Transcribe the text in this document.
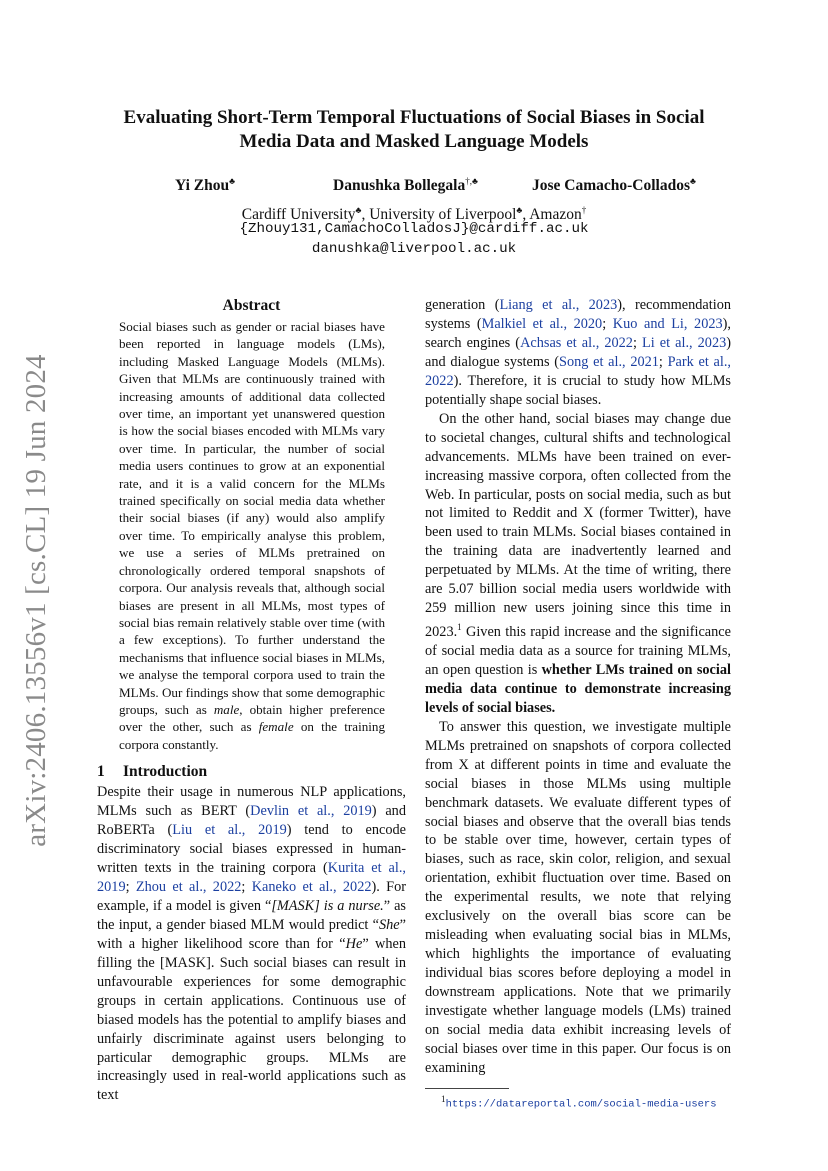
arXiv:2406.13556v1 [cs.CL] 19 Jun 2024
Evaluating Short-Term Temporal Fluctuations of Social Biases in Social Media Data and Masked Language Models
Yi Zhou♣	Danushka Bollegala†,♣	Jose Camacho-Collados♣
Cardiff University♣, University of Liverpool♣, Amazon†
{Zhouy131,CamachoColladosJ}@cardiff.ac.uk
danushka@liverpool.ac.uk
Abstract

Social biases such as gender or racial biases have been reported in language models (LMs), including Masked Language Models (MLMs). Given that MLMs are continuously trained with increasing amounts of additional data collected over time, an important yet unanswered question is how the social biases encoded with MLMs vary over time. In particular, the number of social media users continues to grow at an exponential rate, and it is a valid concern for the MLMs trained specifically on social media data whether their social biases (if any) would also amplify over time. To empirically analyse this problem, we use a series of MLMs pretrained on chronologically ordered temporal snapshots of corpora. Our analysis reveals that, although social biases are present in all MLMs, most types of social bias remain relatively stable over time (with a few exceptions). To further understand the mechanisms that influence social biases in MLMs, we analyse the temporal corpora used to train the MLMs. Our findings show that some demographic groups, such as male, obtain higher preference over the other, such as female on the training corpora constantly.

1 Introduction

Despite their usage in numerous NLP applications, MLMs such as BERT (Devlin et al., 2019) and RoBERTa (Liu et al., 2019) tend to encode discriminatory social biases expressed in human-written texts in the training corpora (Kurita et al., 2019; Zhou et al., 2022; Kaneko et al., 2022). For example, if a model is given “[MASK] is a nurse.” as the input, a gender biased MLM would predict “She” with a higher likelihood score than for “He” when filling the [MASK]. Such social biases can result in unfavourable experiences for some demographic groups in certain applications. Continuous use of biased models has the potential to amplify biases and unfairly discriminate against users belonging to particular demographic groups. MLMs are increasingly used in real-world applications such as text

generation (Liang et al., 2023), recommendation systems (Malkiel et al., 2020; Kuo and Li, 2023), search engines (Achsas et al., 2022; Li et al., 2023) and dialogue systems (Song et al., 2021; Park et al., 2022). Therefore, it is crucial to study how MLMs potentially shape social biases.

On the other hand, social biases may change due to societal changes, cultural shifts and technological advancements. MLMs have been trained on ever-increasing massive corpora, often collected from the Web. In particular, posts on social media, such as but not limited to Reddit and X (former Twitter), have been used to train MLMs. Social biases contained in the training data are inadvertently learned and perpetuated by MLMs. At the time of writing, there are 5.07 billion social media users worldwide with 259 million new users joining since this time in 2023.$^1$ Given this rapid increase and the significance of social media data as a source for training MLMs, an open question is whether LMs trained on social media data continue to demonstrate increasing levels of social biases.

To answer this question, we investigate multiple MLMs pretrained on snapshots of corpora collected from X at different points in time and evaluate the social biases in those MLMs using multiple benchmark datasets. We evaluate different types of social biases and observe that the overall bias tends to be stable over time, however, certain types of biases, such as race, skin color, religion, and sexual orientation, exhibit fluctuation over time. Based on the experimental results, we note that relying exclusively on the overall bias score can be misleading when evaluating social bias in MLMs, which highlights the importance of evaluating individual bias scores before deploying a model in downstream applications. Note that we primarily investigate whether language models (LMs) trained on social media data exhibit increasing levels of social biases over time in this paper. Our focus is on examining

$^1$https://datareportal.com/social-media-users
